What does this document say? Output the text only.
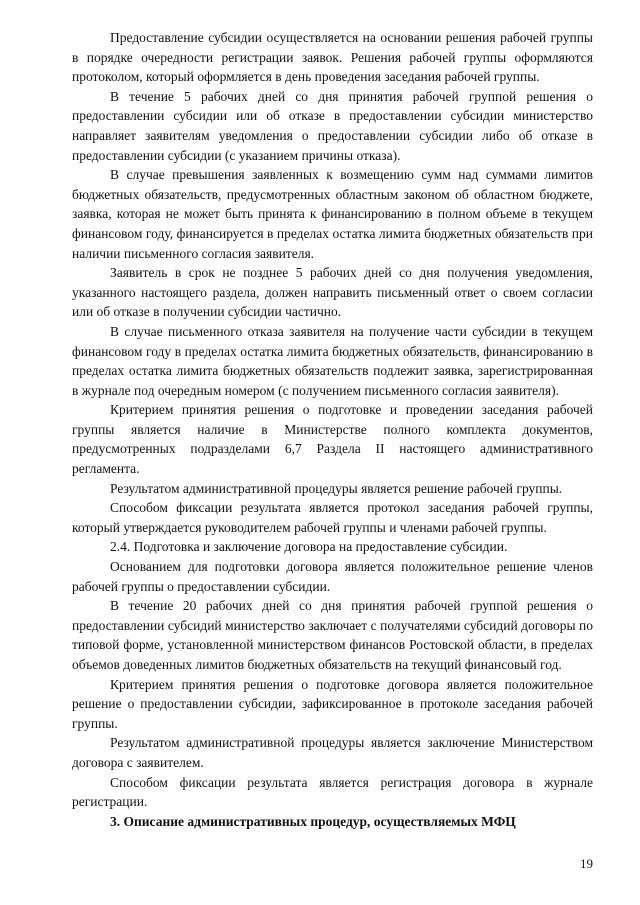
Предоставление субсидии осуществляется на основании решения рабочей группы в порядке очередности регистрации заявок. Решения рабочей группы оформляются протоколом, который оформляется в день проведения заседания рабочей группы.

В течение 5 рабочих дней со дня принятия рабочей группой решения о предоставлении субсидии или об отказе в предоставлении субсидии министерство направляет заявителям уведомления о предоставлении субсидии либо об отказе в предоставлении субсидии (с указанием причины отказа).

В случае превышения заявленных к возмещению сумм над суммами лимитов бюджетных обязательств, предусмотренных областным законом об областном бюджете, заявка, которая не может быть принята к финансированию в полном объеме в текущем финансовом году, финансируется в пределах остатка лимита бюджетных обязательств при наличии письменного согласия заявителя.

Заявитель в срок не позднее 5 рабочих дней со дня получения уведомления, указанного настоящего раздела, должен направить письменный ответ о своем согласии или об отказе в получении субсидии частично.

В случае письменного отказа заявителя на получение части субсидии в текущем финансовом году в пределах остатка лимита бюджетных обязательств, финансированию в пределах остатка лимита бюджетных обязательств подлежит заявка, зарегистрированная в журнале под очередным номером (с получением письменного согласия заявителя).

Критерием принятия решения о подготовке и проведении заседания рабочей группы является наличие в Министерстве полного комплекта документов, предусмотренных подразделами 6,7 Раздела II настоящего административного регламента.

Результатом административной процедуры является решение рабочей группы.

Способом фиксации результата является протокол заседания рабочей группы, который утверждается руководителем рабочей группы и членами рабочей группы.

2.4. Подготовка и заключение договора на предоставление субсидии.

Основанием для подготовки договора является положительное решение членов рабочей группы о предоставлении субсидии.

В течение 20 рабочих дней со дня принятия рабочей группой решения о предоставлении субсидий министерство заключает с получателями субсидий договоры по типовой форме, установленной министерством финансов Ростовской области, в пределах объемов доведенных лимитов бюджетных обязательств на текущий финансовый год.

Критерием принятия решения о подготовке договора является положительное решение о предоставлении субсидии, зафиксированное в протоколе заседания рабочей группы.

Результатом административной процедуры является заключение Министерством договора с заявителем.

Способом фиксации результата является регистрация договора в журнале регистрации.

3. Описание административных процедур, осуществляемых МФЦ

19
